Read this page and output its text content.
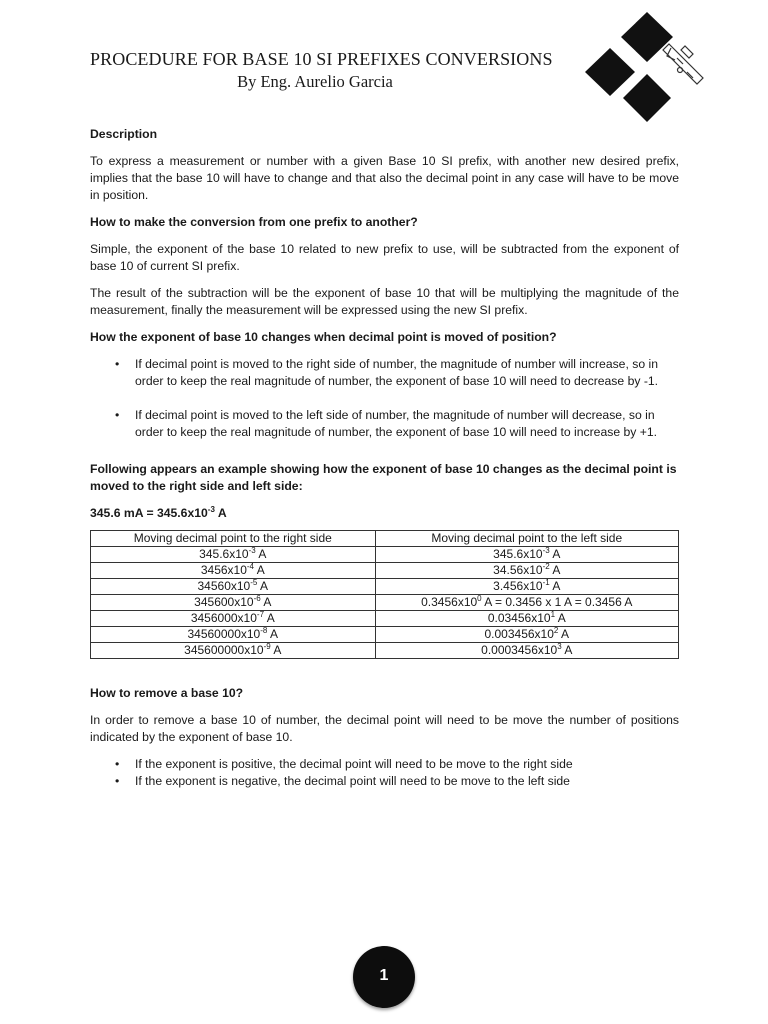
PROCEDURE FOR BASE 10 SI PREFIXES CONVERSIONS
By Eng. Aurelio Garcia

Description

To express a measurement or number with a given Base 10 SI prefix, with another new desired prefix, implies that the base 10 will have to change and that also the decimal point in any case will have to be move in position.

How to make the conversion from one prefix to another?

Simple, the exponent of the base 10 related to new prefix to use, will be subtracted from the exponent of base 10 of current SI prefix.

The result of the subtraction will be the exponent of base 10 that will be multiplying the magnitude of the measurement, finally the measurement will be expressed using the new SI prefix.

How the exponent of base 10 changes when decimal point is moved of position?

• If decimal point is moved to the right side of number, the magnitude of number will increase, so in order to keep the real magnitude of number, the exponent of base 10 will need to decrease by -1.
• If decimal point is moved to the left side of number, the magnitude of number will decrease, so in order to keep the real magnitude of number, the exponent of base 10 will need to increase by +1.

Following appears an example showing how the exponent of base 10 changes as the decimal point is moved to the right side and left side:

345.6 mA = $345.6x10^{-3}$ A

Moving decimal point to the right side	Moving decimal point to the left side
$345.6x10^{-3}$ A	$345.6x10^{-3}$ A
$3456x10^{-4}$ A	$34.56x10^{-2}$ A
$34560x10^{-5}$ A	$3.456x10^{-1}$ A
$345600x10^{-6}$ A	$0.3456x10^0$ A = 0.3456 x 1 A = 0.3456 A
$3456000x10^{-7}$ A	$0.03456x10^1$ A
$34560000x10^{-8}$ A	$0.003456x10^2$ A
$345600000x10^{-9}$ A	$0.0003456x10^3$ A

How to remove a base 10?

In order to remove a base 10 of number, the decimal point will need to be move the number of positions indicated by the exponent of base 10.

• If the exponent is positive, the decimal point will need to be move to the right side
• If the exponent is negative, the decimal point will need to be move to the left side
1
